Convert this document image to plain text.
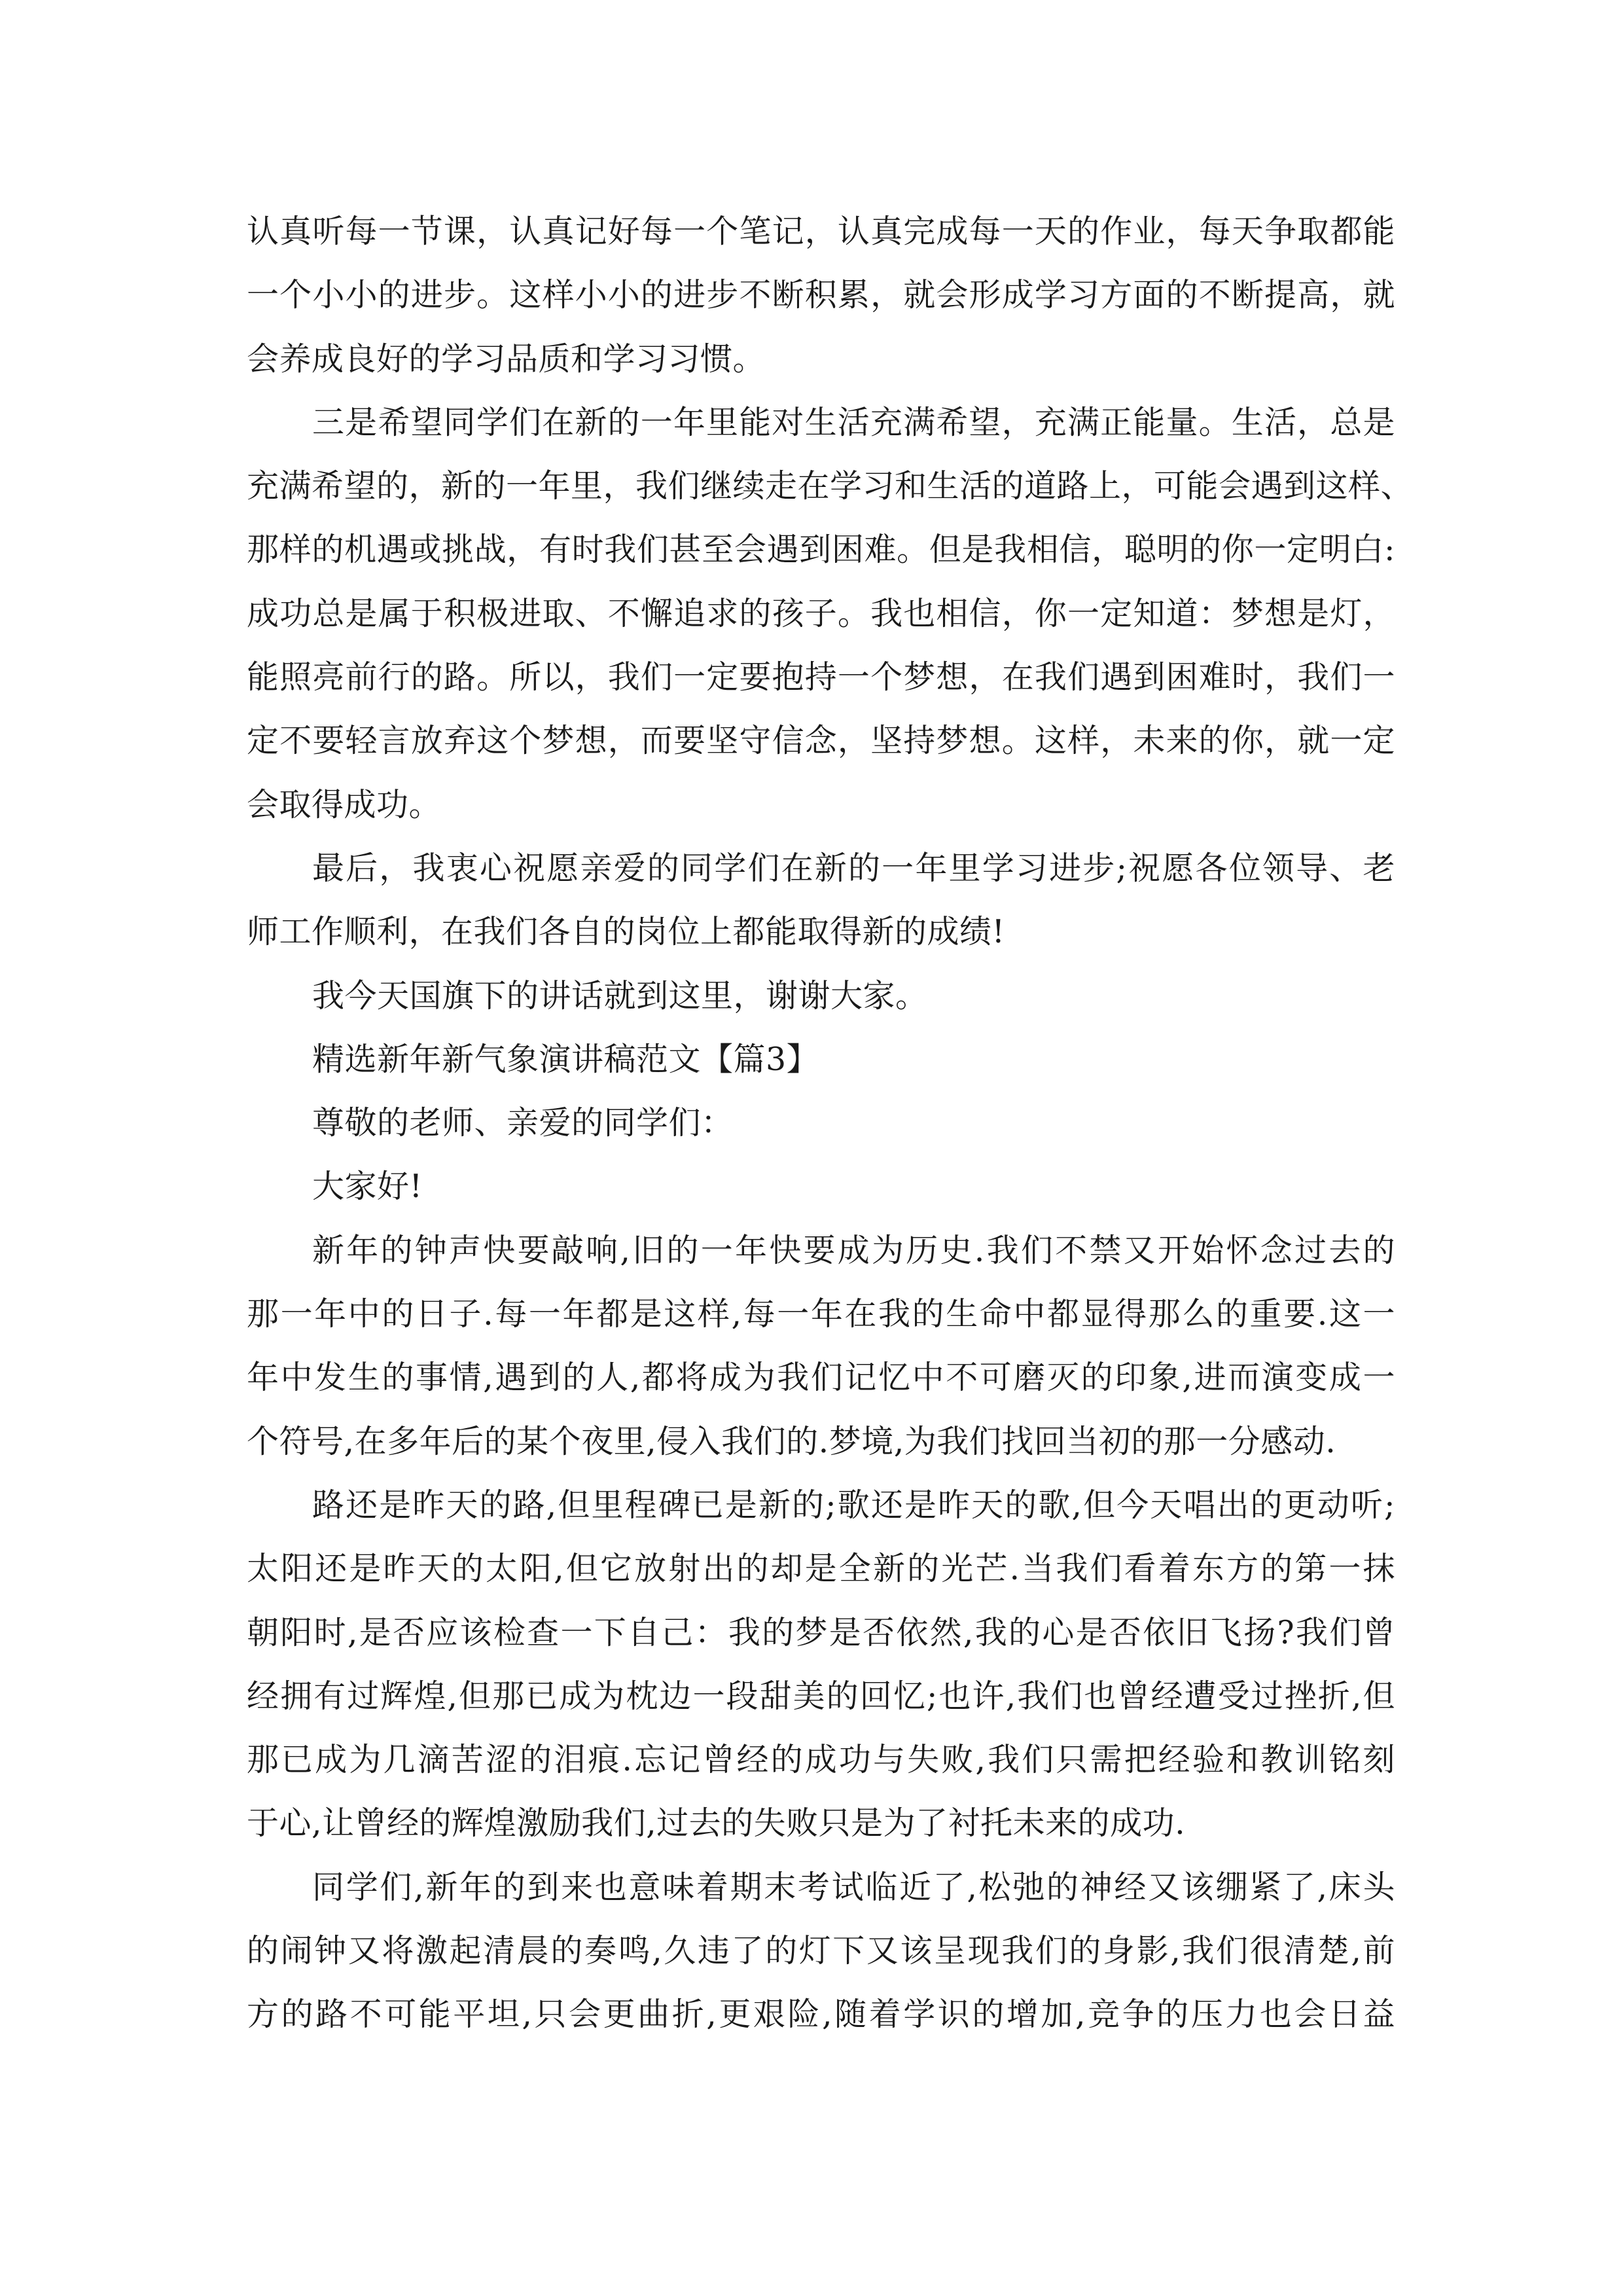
认真听每一节课，认真记好每一个笔记，认真完成每一天的作业，每天争取都能
一个小小的进步。这样小小的进步不断积累，就会形成学习方面的不断提高，就
会养成良好的学习品质和学习习惯。
三是希望同学们在新的一年里能对生活充满希望，充满正能量。生活，总是
充满希望的，新的一年里，我们继续走在学习和生活的道路上，可能会遇到这样、
那样的机遇或挑战，有时我们甚至会遇到困难。但是我相信，聪明的你一定明白:
成功总是属于积极进取、不懈追求的孩子。我也相信，你一定知道：梦想是灯，
能照亮前行的路。所以，我们一定要抱持一个梦想，在我们遇到困难时，我们一
定不要轻言放弃这个梦想，而要坚守信念，坚持梦想。这样，未来的你，就一定
会取得成功。
最后，我衷心祝愿亲爱的同学们在新的一年里学习进步;祝愿各位领导、老
师工作顺利，在我们各自的岗位上都能取得新的成绩!
我今天国旗下的讲话就到这里，谢谢大家。
精选新年新气象演讲稿范文【篇3】
尊敬的老师、亲爱的同学们：
大家好!
新年的钟声快要敲响,旧的一年快要成为历史.我们不禁又开始怀念过去的
那一年中的日子.每一年都是这样,每一年在我的生命中都显得那么的重要.这一
年中发生的事情,遇到的人,都将成为我们记忆中不可磨灭的印象,进而演变成一
个符号,在多年后的某个夜里,侵入我们的.梦境,为我们找回当初的那一分感动.
路还是昨天的路,但里程碑已是新的;歌还是昨天的歌,但今天唱出的更动听;
太阳还是昨天的太阳,但它放射出的却是全新的光芒.当我们看着东方的第一抹
朝阳时,是否应该检查一下自己：我的梦是否依然,我的心是否依旧飞扬?我们曾
经拥有过辉煌,但那已成为枕边一段甜美的回忆;也许,我们也曾经遭受过挫折,但
那已成为几滴苦涩的泪痕.忘记曾经的成功与失败,我们只需把经验和教训铭刻
于心,让曾经的辉煌激励我们,过去的失败只是为了衬托未来的成功.
同学们,新年的到来也意味着期末考试临近了,松弛的神经又该绷紧了,床头
的闹钟又将激起清晨的奏鸣,久违了的灯下又该呈现我们的身影,我们很清楚,前
方的路不可能平坦,只会更曲折,更艰险,随着学识的增加,竞争的压力也会日益
